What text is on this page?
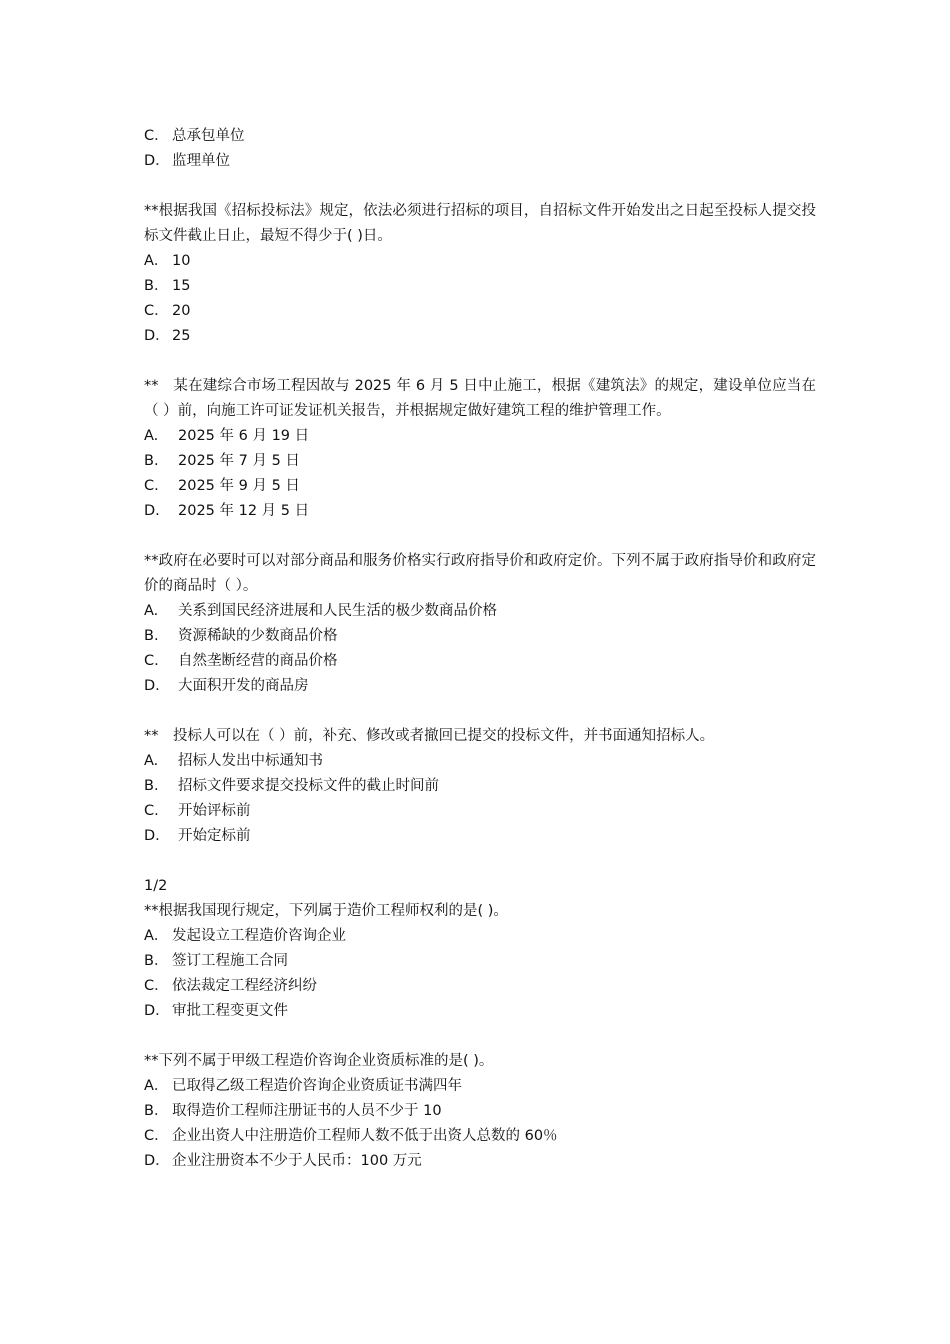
C． 总承包单位
D． 监理单位
**根据我国《招标投标法》规定，依法必须进行招标的项目，自招标文件开始发出之日起至投标人提交投标文件截止日止，最短不得少于( )日。
A． 10
B． 15
C． 20
D． 25
**　某在建综合市场工程因故与 2025 年 6 月 5 日中止施工，根据《建筑法》的规定，建设单位应当在（ ）前，向施工许可证发证机关报告，并根据规定做好建筑工程的维护管理工作。
A.	2025 年 6 月 19 日
B.	2025 年 7 月 5 日
C.	2025 年 9 月 5 日
D.	2025 年 12 月 5 日
**政府在必要时可以对部分商品和服务价格实行政府指导价和政府定价。下列不属于政府指导价和政府定价的商品时（ ）。
A.	关系到国民经济进展和人民生活的极少数商品价格
B.	资源稀缺的少数商品价格
C.	自然垄断经营的商品价格
D.	大面积开发的商品房
**　投标人可以在（ ）前，补充、修改或者撤回已提交的投标文件，并书面通知招标人。
A.	招标人发出中标通知书
B.	招标文件要求提交投标文件的截止时间前
C.	开始评标前
D.	开始定标前
1/2
**根据我国现行规定，下列属于造价工程师权利的是( )。
A． 发起设立工程造价咨询企业
B． 签订工程施工合同
C． 依法裁定工程经济纠纷
D． 审批工程变更文件
**下列不属于甲级工程造价咨询企业资质标准的是( )。
A． 已取得乙级工程造价咨询企业资质证书满四年
B． 取得造价工程师注册证书的人员不少于 10
C． 企业出资人中注册造价工程师人数不低于出资人总数的 60％
D． 企业注册资本不少于人民币：100 万元
